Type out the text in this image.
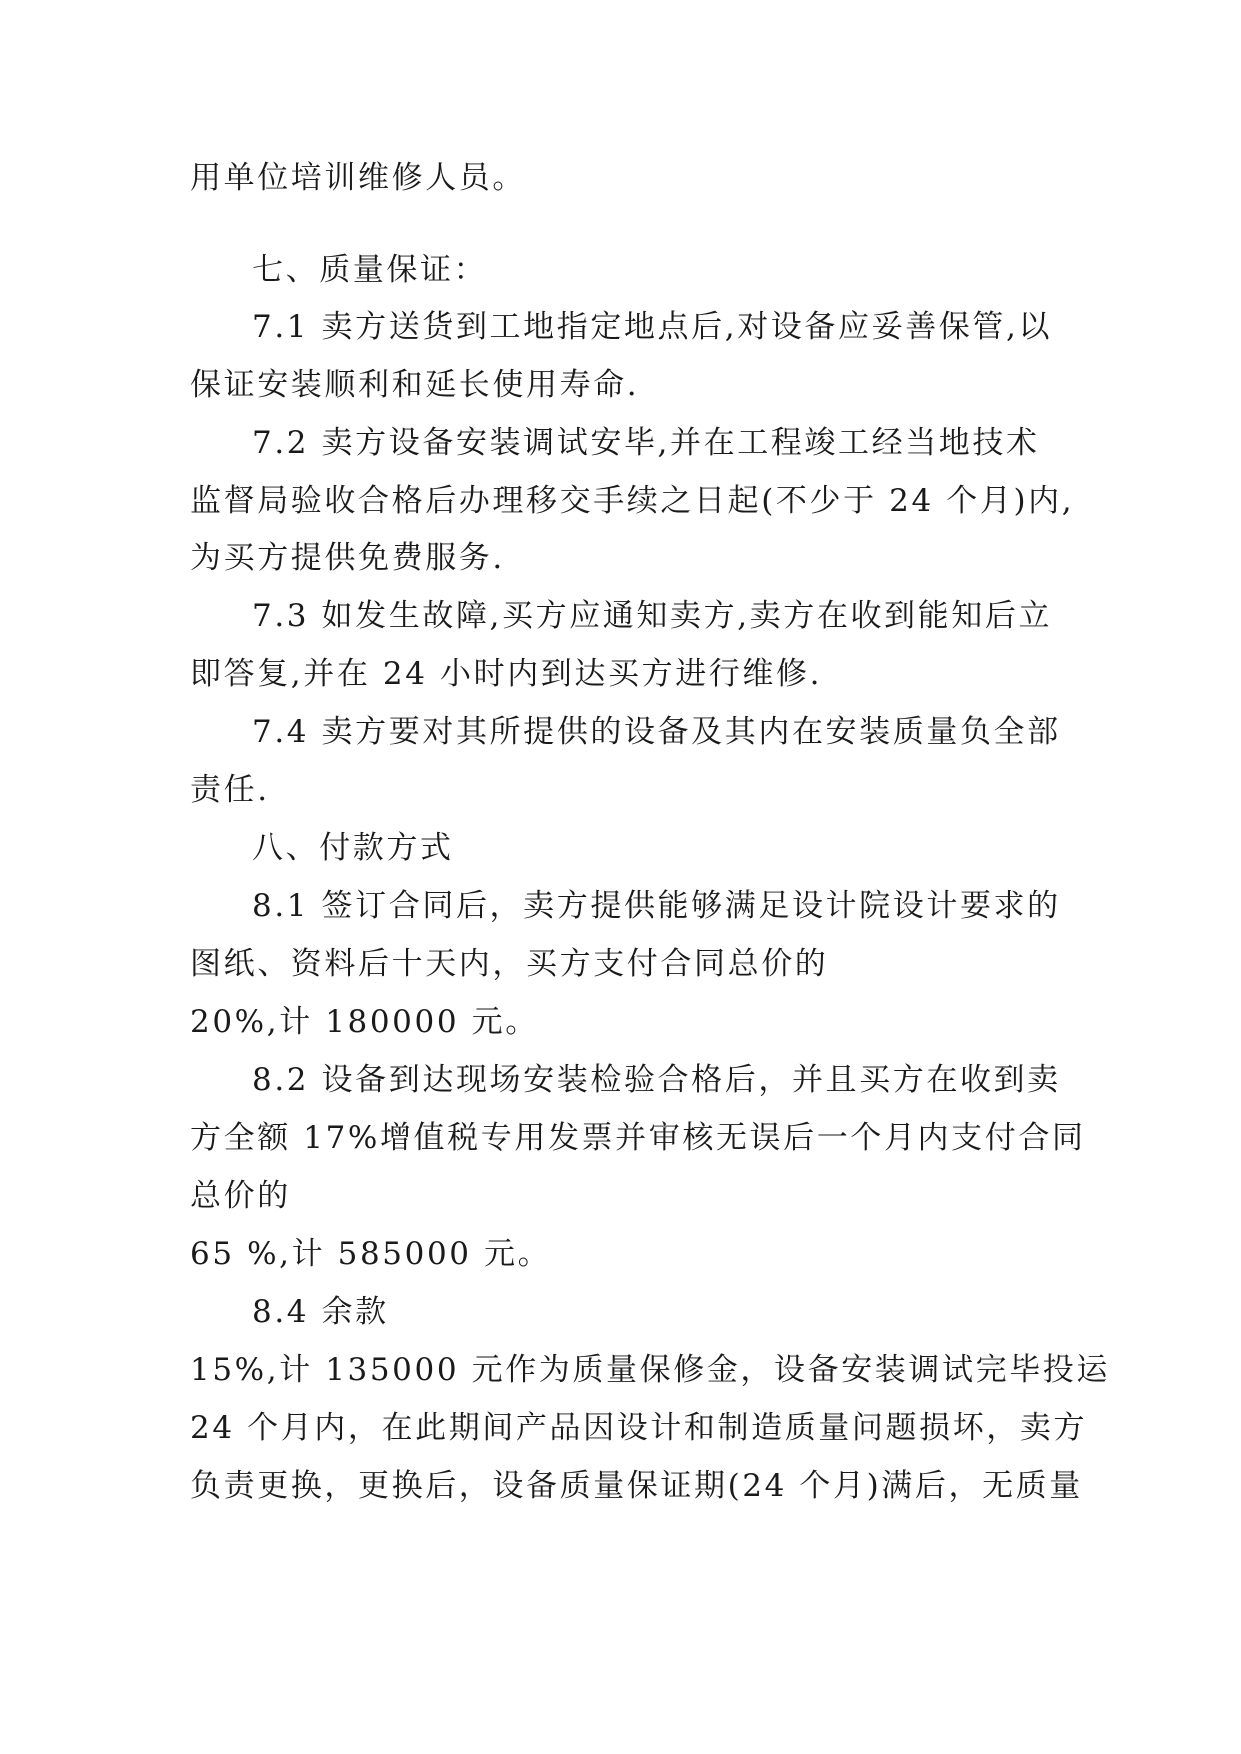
用单位培训维修人员。
七、质量保证：
7.1 卖方送货到工地指定地点后,对设备应妥善保管,以
保证安装顺利和延长使用寿命.
7.2 卖方设备安装调试安毕,并在工程竣工经当地技术
监督局验收合格后办理移交手续之日起(不少于 24 个月)内,
为买方提供免费服务.
7.3 如发生故障,买方应通知卖方,卖方在收到能知后立
即答复,并在 24 小时内到达买方进行维修.
7.4 卖方要对其所提供的设备及其内在安装质量负全部
责任.
八、付款方式
8.1 签订合同后，卖方提供能够满足设计院设计要求的
图纸、资料后十天内，买方支付合同总价的
20%,计 180000 元。
8.2 设备到达现场安装检验合格后，并且买方在收到卖
方全额 17%增值税专用发票并审核无误后一个月内支付合同
总价的
65 %,计 585000 元。
8.4 余款
15%,计 135000 元作为质量保修金，设备安装调试完毕投运
24 个月内，在此期间产品因设计和制造质量问题损坏，卖方
负责更换，更换后，设备质量保证期(24 个月)满后，无质量
